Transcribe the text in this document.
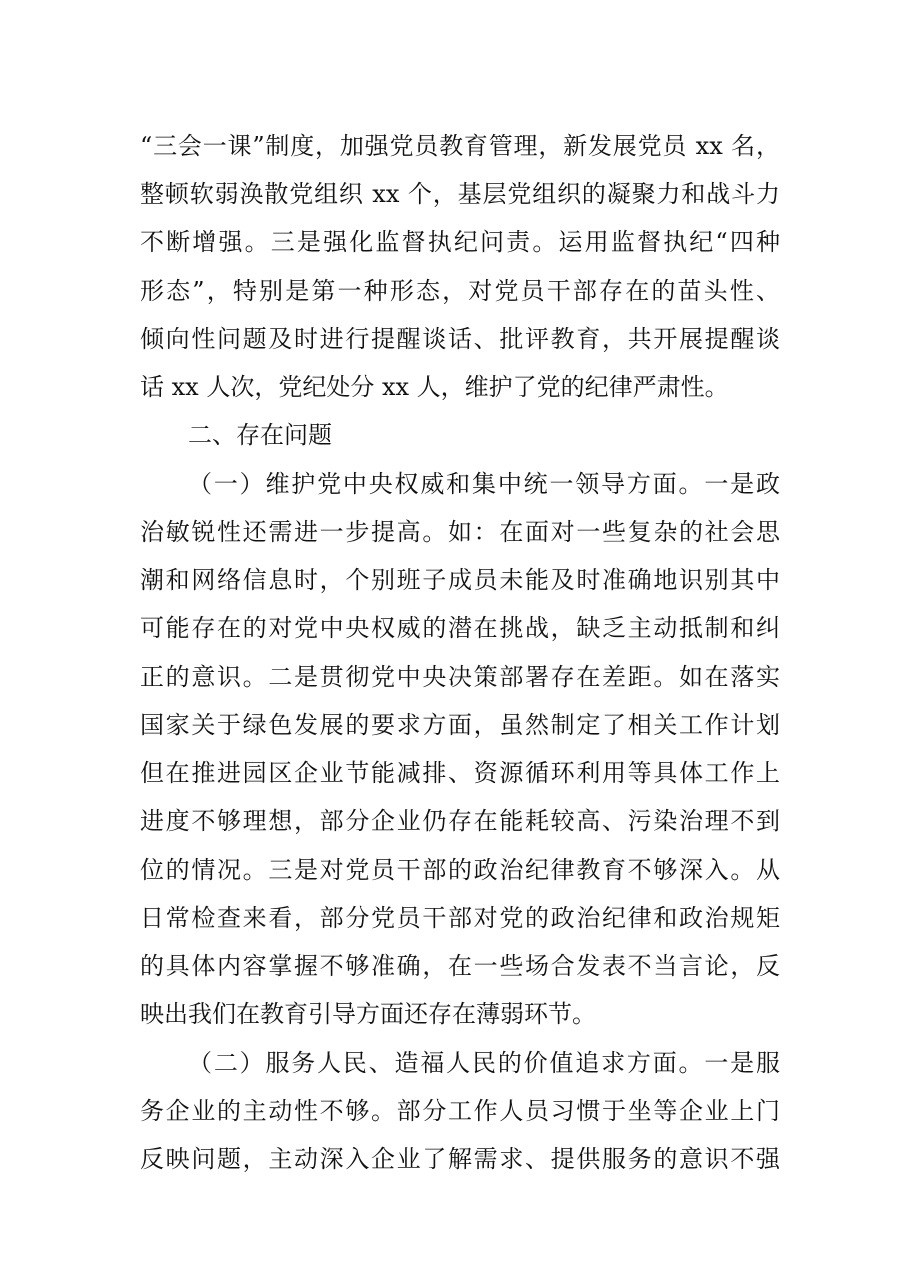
“三会一课”制度，加强党员教育管理，新发展党员 xx 名，
整顿软弱涣散党组织 xx 个，基层党组织的凝聚力和战斗力
不断增强。三是强化监督执纪问责。运用监督执纪“四种
形态”，特别是第一种形态，对党员干部存在的苗头性、
倾向性问题及时进行提醒谈话、批评教育，共开展提醒谈
话 xx 人次，党纪处分 xx 人，维护了党的纪律严肃性。
二、存在问题
（一）维护党中央权威和集中统一领导方面。一是政
治敏锐性还需进一步提高。如：在面对一些复杂的社会思
潮和网络信息时，个别班子成员未能及时准确地识别其中
可能存在的对党中央权威的潜在挑战，缺乏主动抵制和纠
正的意识。二是贯彻党中央决策部署存在差距。如在落实
国家关于绿色发展的要求方面，虽然制定了相关工作计划
但在推进园区企业节能减排、资源循环利用等具体工作上
进度不够理想，部分企业仍存在能耗较高、污染治理不到
位的情况。三是对党员干部的政治纪律教育不够深入。从
日常检查来看，部分党员干部对党的政治纪律和政治规矩
的具体内容掌握不够准确，在一些场合发表不当言论，反
映出我们在教育引导方面还存在薄弱环节。
（二）服务人民、造福人民的价值追求方面。一是服
务企业的主动性不够。部分工作人员习惯于坐等企业上门
反映问题，主动深入企业了解需求、提供服务的意识不强
